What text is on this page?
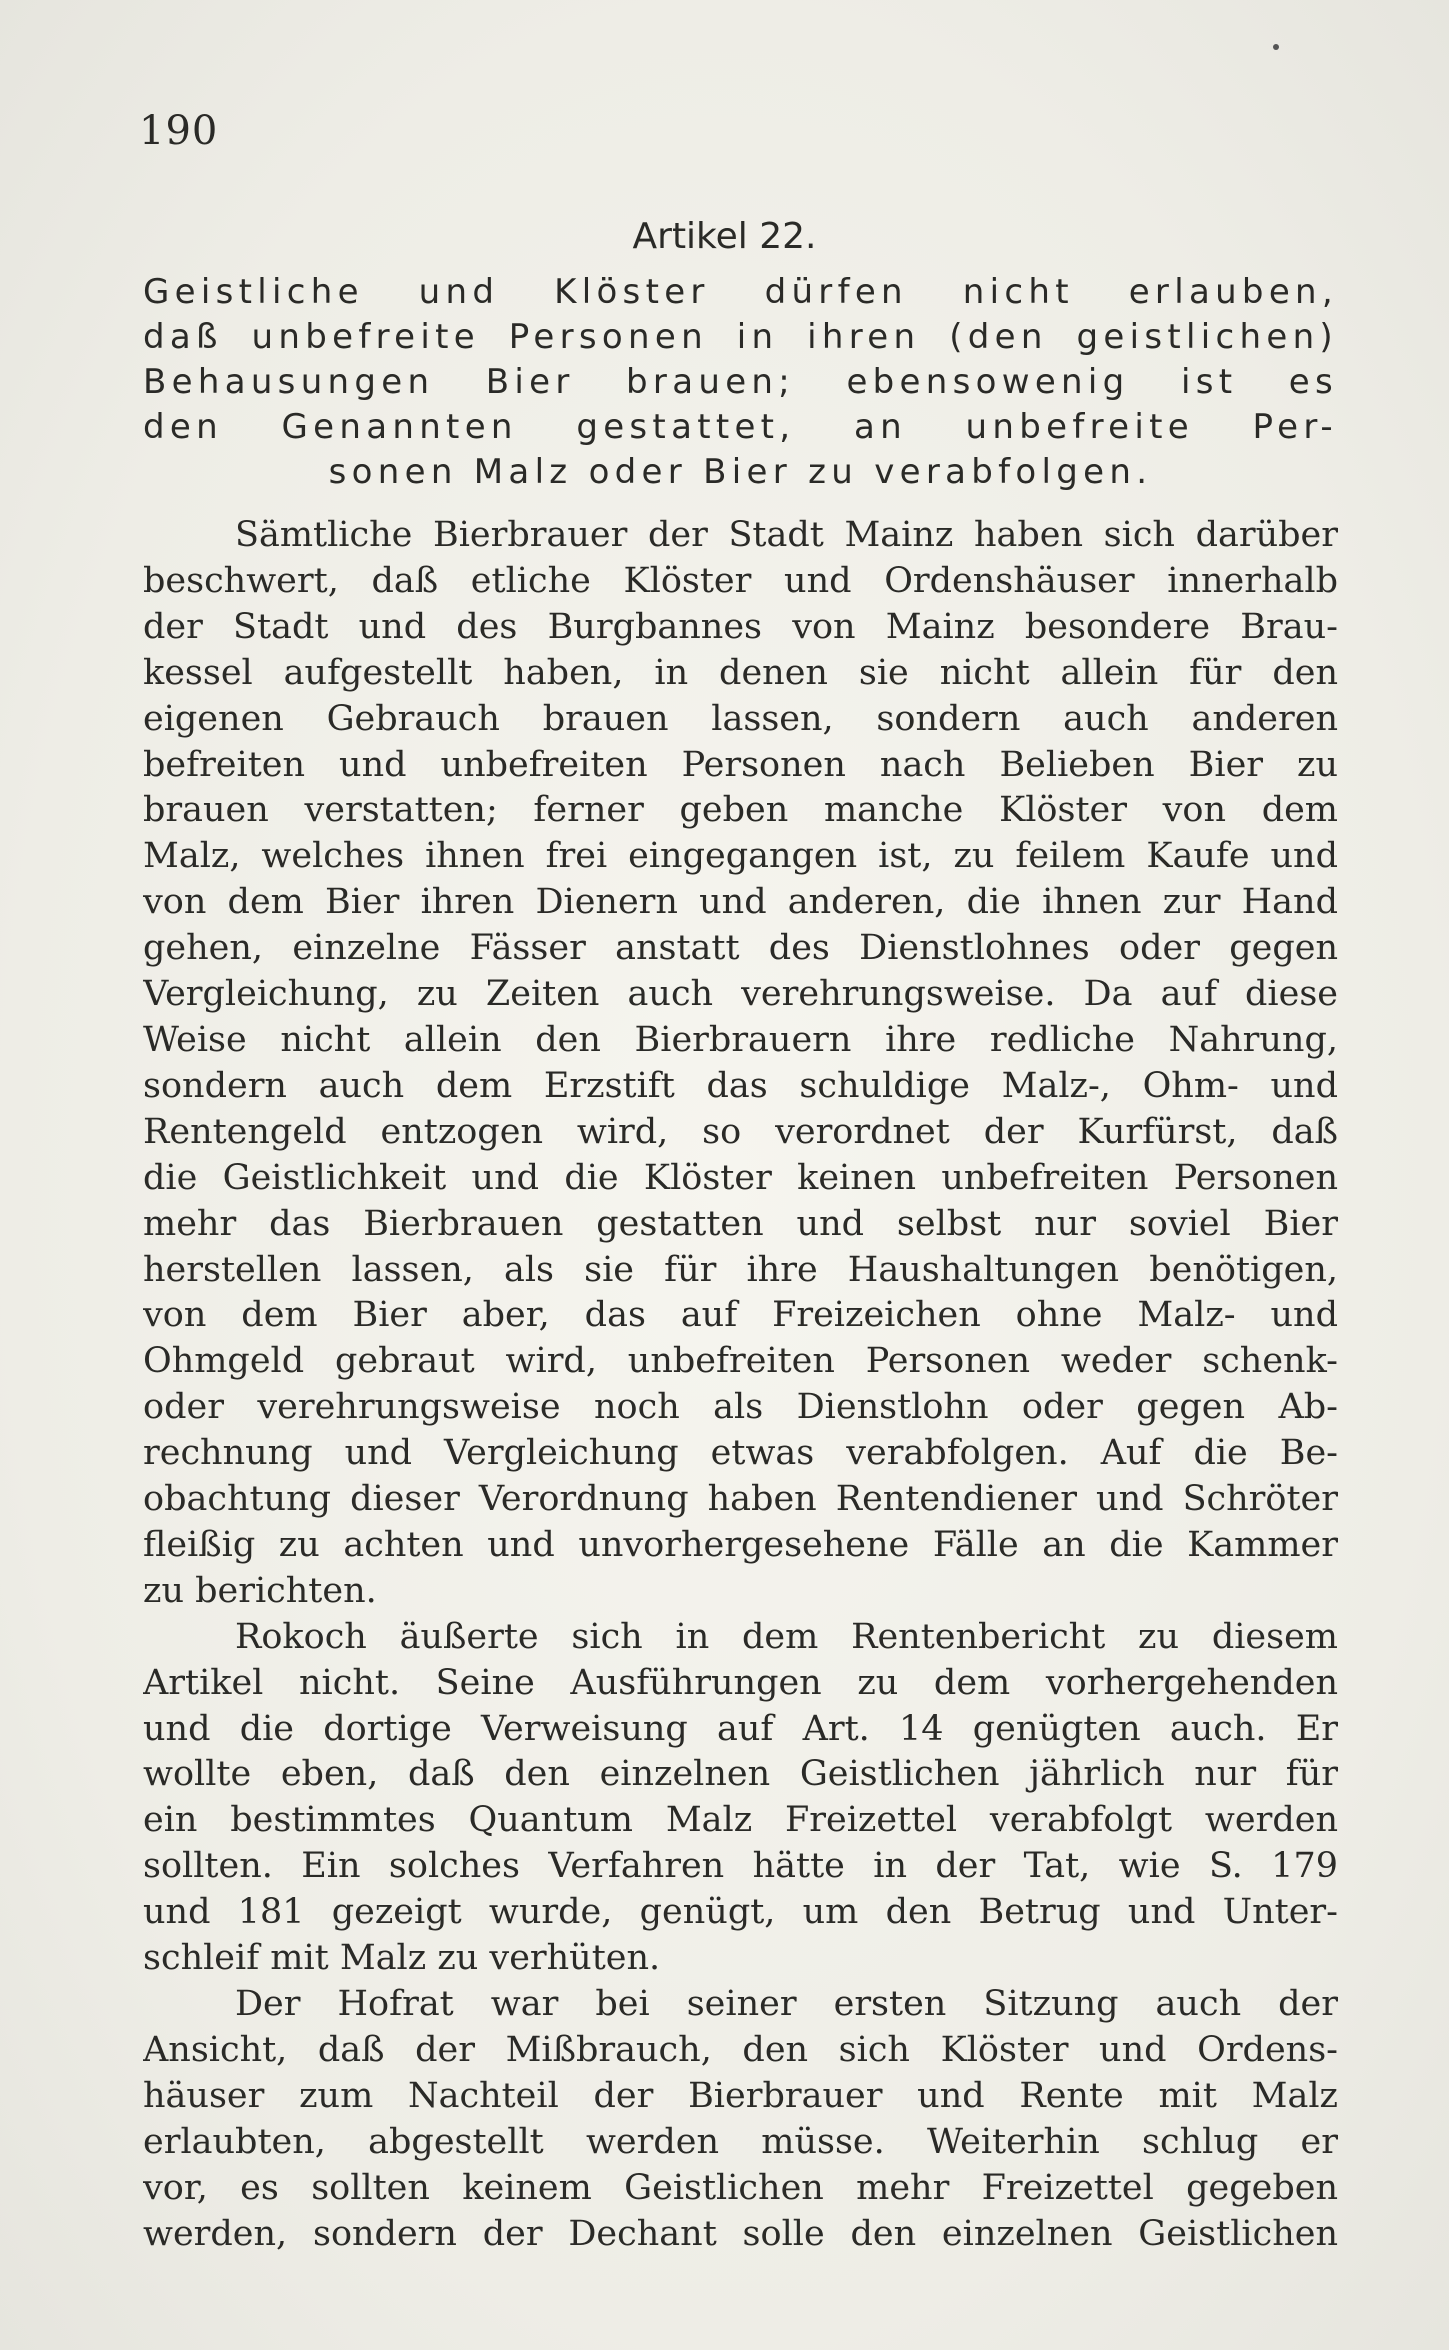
190
Artikel 22.
Geistliche und Klöster dürfen nicht erlauben,
daß unbefreite Personen in ihren (den geistlichen)
Behausungen Bier brauen; ebensowenig ist es
den Genannten gestattet, an unbefreite Per-
sonen Malz oder Bier zu verabfolgen.
Sämtliche Bierbrauer der Stadt Mainz haben sich darüber
beschwert, daß etliche Klöster und Ordenshäuser innerhalb
der Stadt und des Burgbannes von Mainz besondere Brau-
kessel aufgestellt haben, in denen sie nicht allein für den
eigenen Gebrauch brauen lassen, sondern auch anderen
befreiten und unbefreiten Personen nach Belieben Bier zu
brauen verstatten; ferner geben manche Klöster von dem
Malz, welches ihnen frei eingegangen ist, zu feilem Kaufe und
von dem Bier ihren Dienern und anderen, die ihnen zur Hand
gehen, einzelne Fässer anstatt des Dienstlohnes oder gegen
Vergleichung, zu Zeiten auch verehrungsweise. Da auf diese
Weise nicht allein den Bierbrauern ihre redliche Nahrung,
sondern auch dem Erzstift das schuldige Malz-, Ohm- und
Rentengeld entzogen wird, so verordnet der Kurfürst, daß
die Geistlichkeit und die Klöster keinen unbefreiten Personen
mehr das Bierbrauen gestatten und selbst nur soviel Bier
herstellen lassen, als sie für ihre Haushaltungen benötigen,
von dem Bier aber, das auf Freizeichen ohne Malz- und
Ohmgeld gebraut wird, unbefreiten Personen weder schenk-
oder verehrungsweise noch als Dienstlohn oder gegen Ab-
rechnung und Vergleichung etwas verabfolgen. Auf die Be-
obachtung dieser Verordnung haben Rentendiener und Schröter
fleißig zu achten und unvorhergesehene Fälle an die Kammer
zu berichten.
Rokoch äußerte sich in dem Rentenbericht zu diesem
Artikel nicht. Seine Ausführungen zu dem vorhergehenden
und die dortige Verweisung auf Art. 14 genügten auch. Er
wollte eben, daß den einzelnen Geistlichen jährlich nur für
ein bestimmtes Quantum Malz Freizettel verabfolgt werden
sollten. Ein solches Verfahren hätte in der Tat, wie S. 179
und 181 gezeigt wurde, genügt, um den Betrug und Unter-
schleif mit Malz zu verhüten.
Der Hofrat war bei seiner ersten Sitzung auch der
Ansicht, daß der Mißbrauch, den sich Klöster und Ordens-
häuser zum Nachteil der Bierbrauer und Rente mit Malz
erlaubten, abgestellt werden müsse. Weiterhin schlug er
vor, es sollten keinem Geistlichen mehr Freizettel gegeben
werden, sondern der Dechant solle den einzelnen Geistlichen
